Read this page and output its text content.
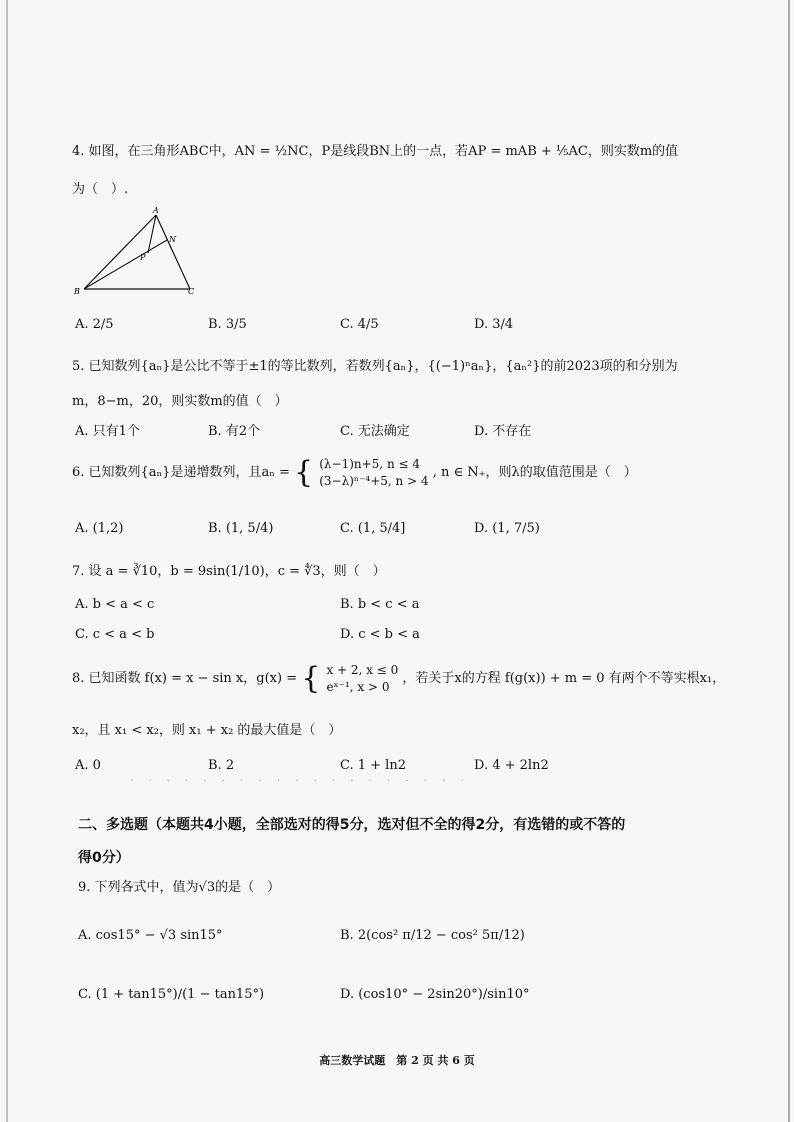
4. 如图，在三角形ABC中，AN = ½NC，P是线段BN上的一点，若AP = mAB + ⅕AC，则实数m的值
为（　）.
A
N
P
B	C
A. 2/5	B. 3/5	C. 4/5	D. 3/4
5. 已知数列{aₙ}是公比不等于±1的等比数列，若数列{aₙ}，{(−1)ⁿaₙ}，{aₙ²}的前2023项的和分别为
m，8−m，20，则实数m的值（　）
A. 只有1个	B. 有2个	C. 无法确定	D. 不存在
6. 已知数列{aₙ}是递增数列，且aₙ = { (λ−1)n+5, n ≤ 4
(3−λ)ⁿ⁻⁴+5, n > 4
, n ∈ N₊，则λ的取值范围是（　）
A. (1,2)	B. (1, 5/4)	C. (1, 5/4]	D. (1, 7/5)
7. 设 a = ∛10，b = 9sin(1/10)，c = ∜3，则（　）
A. b < a < c	B. b < c < a
C. c < a < b	D. c < b < a
8. 已知函数 f(x) = x − sin x，g(x) = { x + 2, x ≤ 0
eˣ⁻¹, x > 0
，若关于x的方程 f(g(x)) + m = 0 有两个不等实根x₁，
x₂，且 x₁ < x₂，则 x₁ + x₂ 的最大值是（　）
A. 0	B. 2	C. 1 + ln2	D. 4 + 2ln2
· · · · · · · · · · · · · · · · · · ·
二、多选题（本题共4小题，全部选对的得5分，选对但不全的得2分，有选错的或不答的
得0分）
9. 下列各式中，值为√3的是（　）
A. cos15° − √3 sin15°	B. 2(cos² π/12 − cos² 5π/12)
C. (1 + tan15°)/(1 − tan15°)	D. (cos10° − 2sin20°)/sin10°
高三数学试题　第 2 页 共 6 页
